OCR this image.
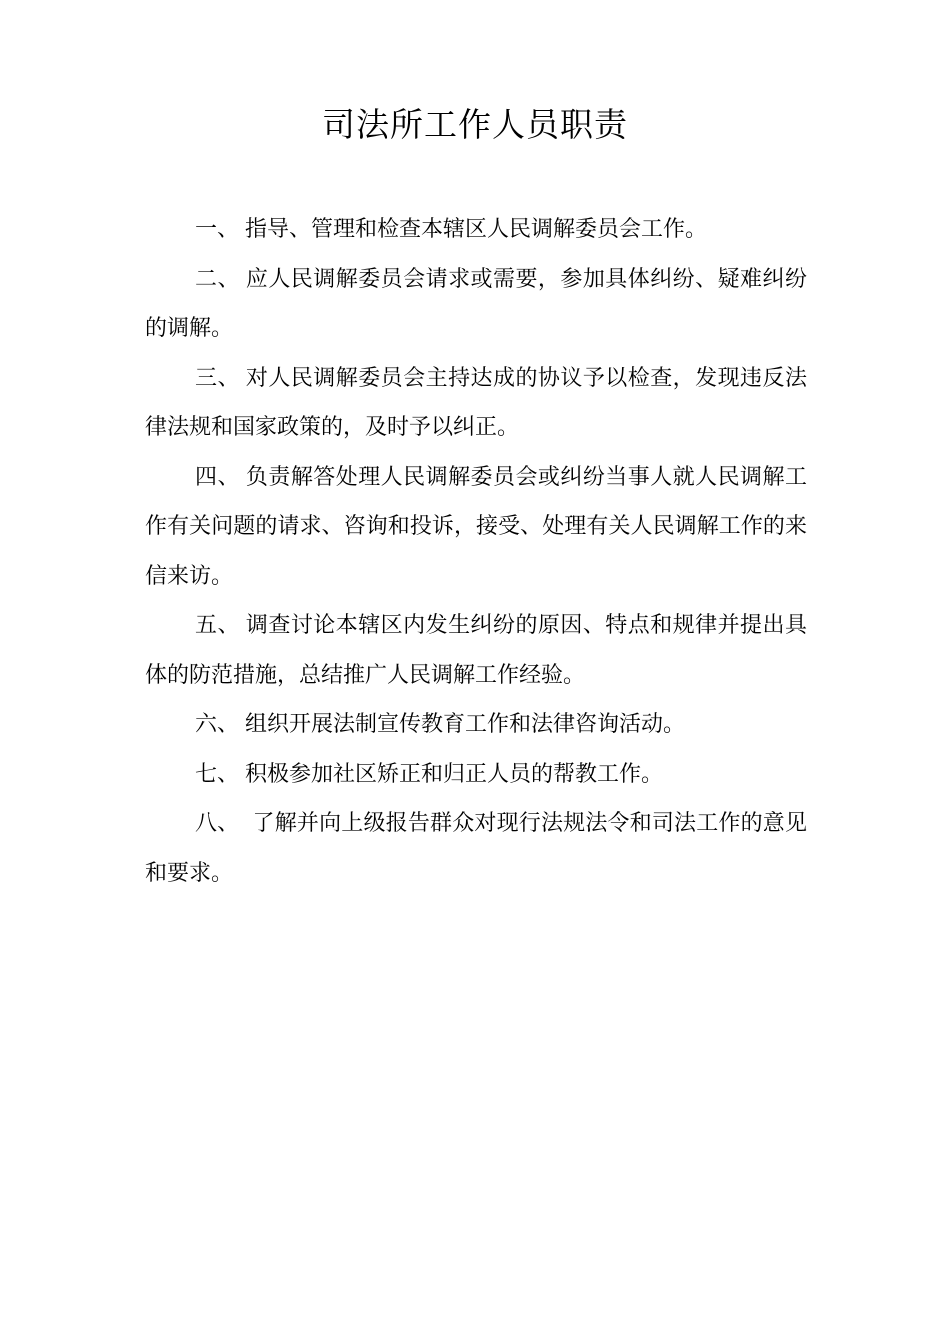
司法所工作人员职责

一、 指导、管理和检查本辖区人民调解委员会工作。

二、 应人民调解委员会请求或需要，参加具体纠纷、疑难纠纷的调解。

三、 对人民调解委员会主持达成的协议予以检查，发现违反法律法规和国家政策的，及时予以纠正。

四、 负责解答处理人民调解委员会或纠纷当事人就人民调解工作有关问题的请求、咨询和投诉，接受、处理有关人民调解工作的来信来访。

五、 调查讨论本辖区内发生纠纷的原因、特点和规律并提出具体的防范措施，总结推广人民调解工作经验。

六、 组织开展法制宣传教育工作和法律咨询活动。

七、 积极参加社区矫正和归正人员的帮教工作。

八、 了解并向上级报告群众对现行法规法令和司法工作的意见和要求。
